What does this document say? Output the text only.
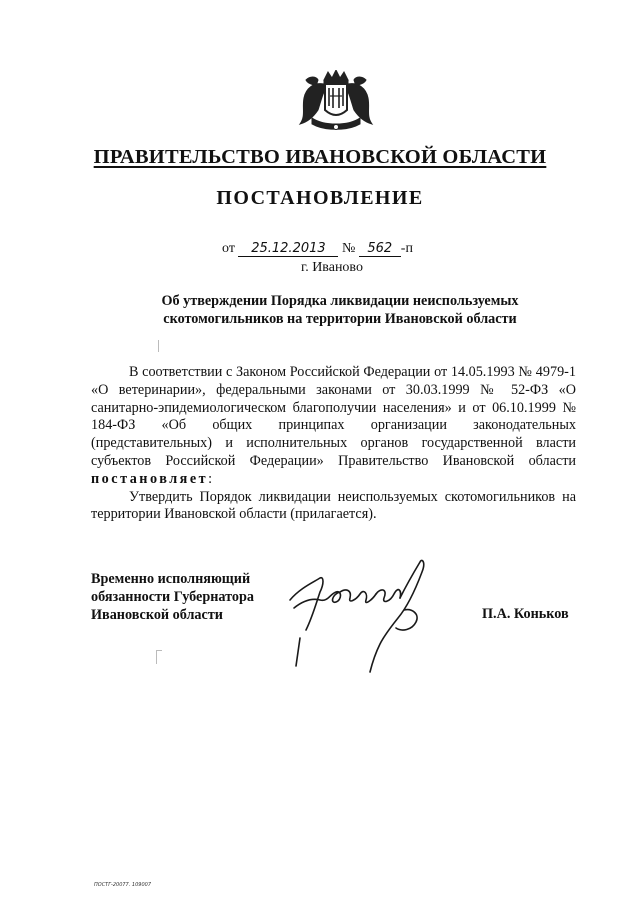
ПРАВИТЕЛЬСТВО ИВАНОВСКОЙ ОБЛАСТИ
ПОСТАНОВЛЕНИЕ
от 25.12.2013 № 562 -п
г. Иваново
Об утверждении Порядка ликвидации неиспользуемых
скотомогильников на территории Ивановской области

В соответствии с Законом Российской Федерации от 14.05.1993 № 4979-1 «О ветеринарии», федеральными законами от 30.03.1999 № 52-ФЗ «О санитарно-эпидемиологическом благополучии населения» и от 06.10.1999 № 184-ФЗ «Об общих принципах организации законодательных (представительных) и исполнительных органов государственной власти субъектов Российской Федерации» Правительство Ивановской области постановляет:

Утвердить Порядок ликвидации неиспользуемых скотомогильников на территории Ивановской области (прилагается).

Временно исполняющий
обязанности Губернатора
Ивановской области	П.А. Коньков
ПОСТГ-20077. 109007
